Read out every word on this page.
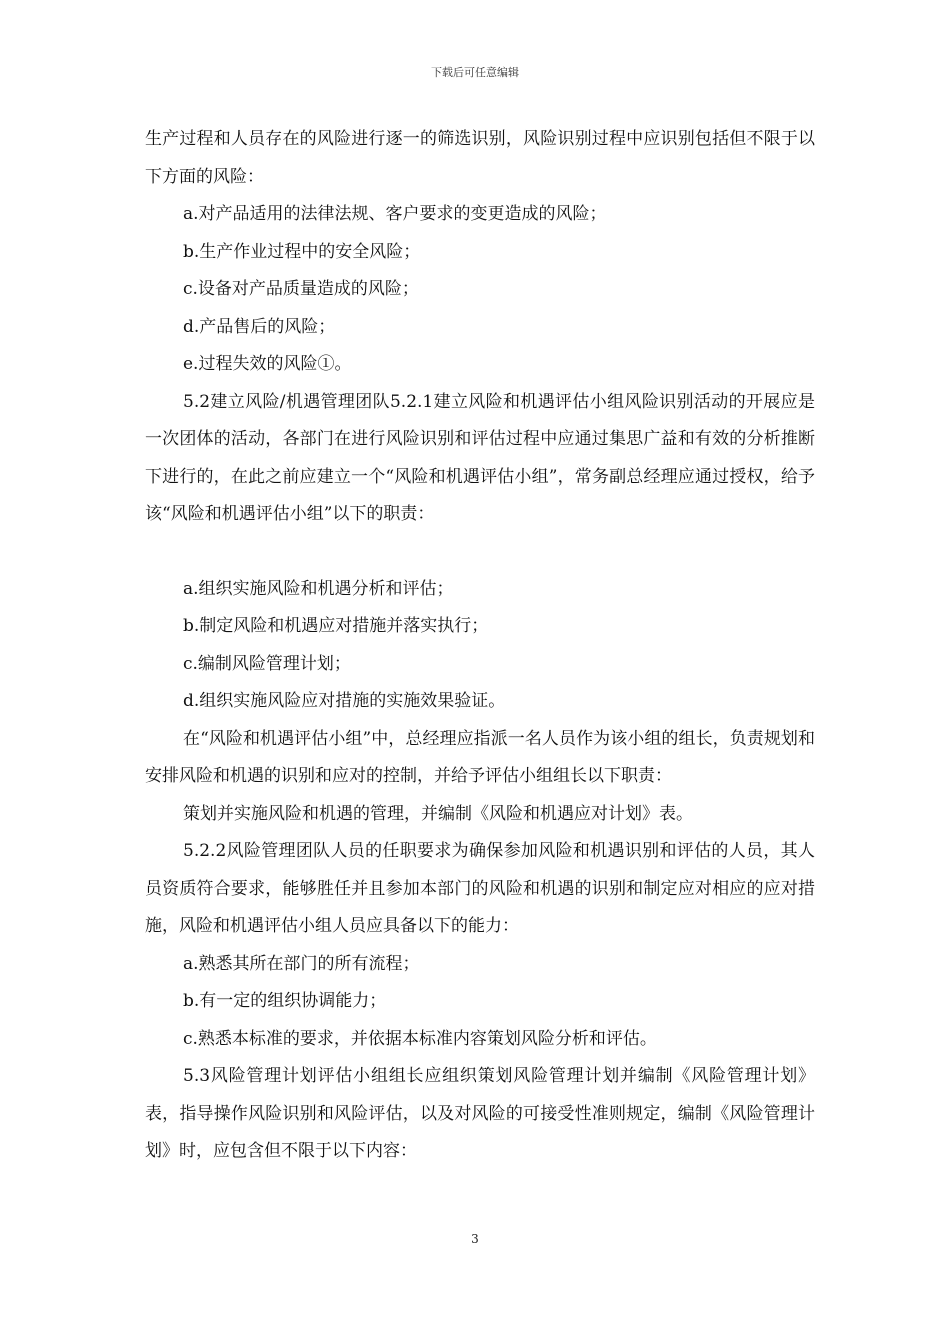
下载后可任意编辑

生产过程和人员存在的风险进行逐一的筛选识别，风险识别过程中应识别包括但不限于以下方面的风险：

a.对产品适用的法律法规、客户要求的变更造成的风险；

b.生产作业过程中的安全风险；

c.设备对产品质量造成的风险；

d.产品售后的风险；

e.过程失效的风险①。

5.2建立风险/机遇管理团队5.2.1建立风险和机遇评估小组风险识别活动的开展应是一次团体的活动，各部门在进行风险识别和评估过程中应通过集思广益和有效的分析推断下进行的，在此之前应建立一个“风险和机遇评估小组”，常务副总经理应通过授权，给予该“风险和机遇评估小组”以下的职责：

a.组织实施风险和机遇分析和评估；

b.制定风险和机遇应对措施并落实执行；

c.编制风险管理计划；

d.组织实施风险应对措施的实施效果验证。

在“风险和机遇评估小组”中，总经理应指派一名人员作为该小组的组长，负责规划和安排风险和机遇的识别和应对的控制，并给予评估小组组长以下职责：

策划并实施风险和机遇的管理，并编制《风险和机遇应对计划》表。

5.2.2风险管理团队人员的任职要求为确保参加风险和机遇识别和评估的人员，其人员资质符合要求，能够胜任并且参加本部门的风险和机遇的识别和制定应对相应的应对措施，风险和机遇评估小组人员应具备以下的能力：

a.熟悉其所在部门的所有流程；

b.有一定的组织协调能力；

c.熟悉本标准的要求，并依据本标准内容策划风险分析和评估。

5.3风险管理计划评估小组组长应组织策划风险管理计划并编制《风险管理计划》表，指导操作风险识别和风险评估，以及对风险的可接受性准则规定，编制《风险管理计划》时，应包含但不限于以下内容：

3
